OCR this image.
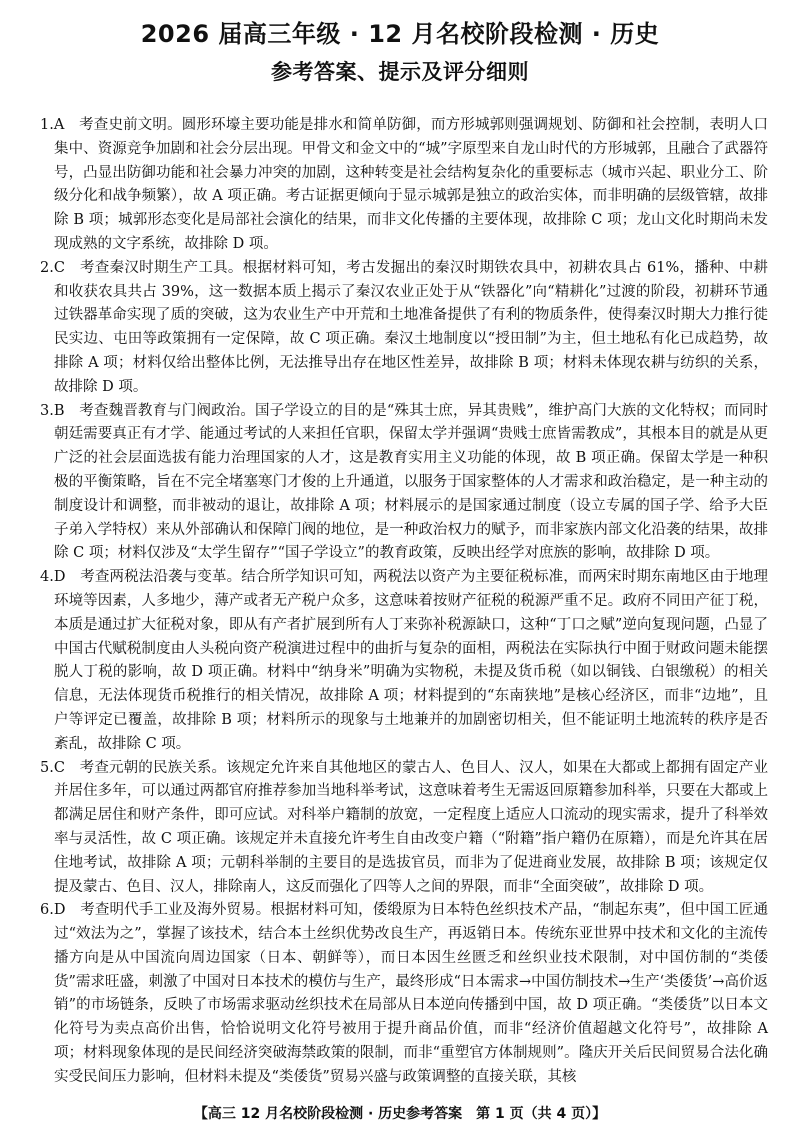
2026 届高三年级 · 12 月名校阶段检测 · 历史
参考答案、提示及评分细则
1.A　考查史前文明。圆形环壕主要功能是排水和简单防御，而方形城郭则强调规划、防御和社会控制，表明人口集中、资源竞争加剧和社会分层出现。甲骨文和金文中的“城”字原型来自龙山时代的方形城郭，且融合了武器符号，凸显出防御功能和社会暴力冲突的加剧，这种转变是社会结构复杂化的重要标志（城市兴起、职业分工、阶级分化和战争频繁），故 A 项正确。考古证据更倾向于显示城郭是独立的政治实体，而非明确的层级管辖，故排除 B 项；城郭形态变化是局部社会演化的结果，而非文化传播的主要体现，故排除 C 项；龙山文化时期尚未发现成熟的文字系统，故排除 D 项。
2.C　考查秦汉时期生产工具。根据材料可知，考古发掘出的秦汉时期铁农具中，初耕农具占 61%，播种、中耕和收获农具共占 39%，这一数据本质上揭示了秦汉农业正处于从“铁器化”向“精耕化”过渡的阶段，初耕环节通过铁器革命实现了质的突破，这为农业生产中开荒和土地准备提供了有利的物质条件，使得秦汉时期大力推行徙民实边、屯田等政策拥有一定保障，故 C 项正确。秦汉土地制度以“授田制”为主，但土地私有化已成趋势，故排除 A 项；材料仅给出整体比例，无法推导出存在地区性差异，故排除 B 项；材料未体现农耕与纺织的关系，故排除 D 项。
3.B　考查魏晋教育与门阀政治。国子学设立的目的是“殊其士庶，异其贵贱”，维护高门大族的文化特权；而同时朝廷需要真正有才学、能通过考试的人来担任官职，保留太学并强调“贵贱士庶皆需教成”，其根本目的就是从更广泛的社会层面选拔有能力治理国家的人才，这是教育实用主义功能的体现，故 B 项正确。保留太学是一种积极的平衡策略，旨在不完全堵塞寒门才俊的上升通道，以服务于国家整体的人才需求和政治稳定，是一种主动的制度设计和调整，而非被动的退让，故排除 A 项；材料展示的是国家通过制度（设立专属的国子学、给予大臣子弟入学特权）来从外部确认和保障门阀的地位，是一种政治权力的赋予，而非家族内部文化沿袭的结果，故排除 C 项；材料仅涉及“太学生留存”“国子学设立”的教育政策，反映出经学对庶族的影响，故排除 D 项。
4.D　考查两税法沿袭与变革。结合所学知识可知，两税法以资产为主要征税标准，而两宋时期东南地区由于地理环境等因素，人多地少，薄产或者无产税户众多，这意味着按财产征税的税源严重不足。政府不同田产征丁税，本质是通过扩大征税对象，即从有产者扩展到所有人丁来弥补税源缺口，这种“丁口之赋”逆向复现问题，凸显了中国古代赋税制度由人头税向资产税演进过程中的曲折与复杂的面相，两税法在实际执行中囿于财政问题未能摆脱人丁税的影响，故 D 项正确。材料中“纳身米”明确为实物税，未提及货币税（如以铜钱、白银缴税）的相关信息，无法体现货币税推行的相关情况，故排除 A 项；材料提到的“东南狭地”是核心经济区，而非“边地”，且户等评定已覆盖，故排除 B 项；材料所示的现象与土地兼并的加剧密切相关，但不能证明土地流转的秩序是否紊乱，故排除 C 项。
5.C　考查元朝的民族关系。该规定允许来自其他地区的蒙古人、色目人、汉人，如果在大都或上都拥有固定产业并居住多年，可以通过两都官府推荐参加当地科举考试，这意味着考生无需返回原籍参加科举，只要在大都或上都满足居住和财产条件，即可应试。对科举户籍制的放宽，一定程度上适应人口流动的现实需求，提升了科举效率与灵活性，故 C 项正确。该规定并未直接允许考生自由改变户籍（“附籍”指户籍仍在原籍），而是允许其在居住地考试，故排除 A 项；元朝科举制的主要目的是选拔官员，而非为了促进商业发展，故排除 B 项；该规定仅提及蒙古、色目、汉人，排除南人，这反而强化了四等人之间的界限，而非“全面突破”，故排除 D 项。
6.D　考查明代手工业及海外贸易。根据材料可知，倭缎原为日本特色丝织技术产品，“制起东夷”，但中国工匠通过“效法为之”，掌握了该技术，结合本土丝织优势改良生产，再返销日本。传统东亚世界中技术和文化的主流传播方向是从中国流向周边国家（日本、朝鲜等），而日本因生丝匮乏和丝织业技术限制，对中国仿制的“类倭货”需求旺盛，刺激了中国对日本技术的模仿与生产，最终形成“日本需求→中国仿制技术→生产‘类倭货’→高价返销”的市场链条，反映了市场需求驱动丝织技术在局部从日本逆向传播到中国，故 D 项正确。“类倭货”以日本文化符号为卖点高价出售，恰恰说明文化符号被用于提升商品价值，而非“经济价值超越文化符号”，故排除 A 项；材料现象体现的是民间经济突破海禁政策的限制，而非“重塑官方体制规则”。隆庆开关后民间贸易合法化确实受民间压力影响，但材料未提及“类倭货”贸易兴盛与政策调整的直接关联，其核
【高三 12 月名校阶段检测 · 历史参考答案　第 1 页（共 4 页）】
